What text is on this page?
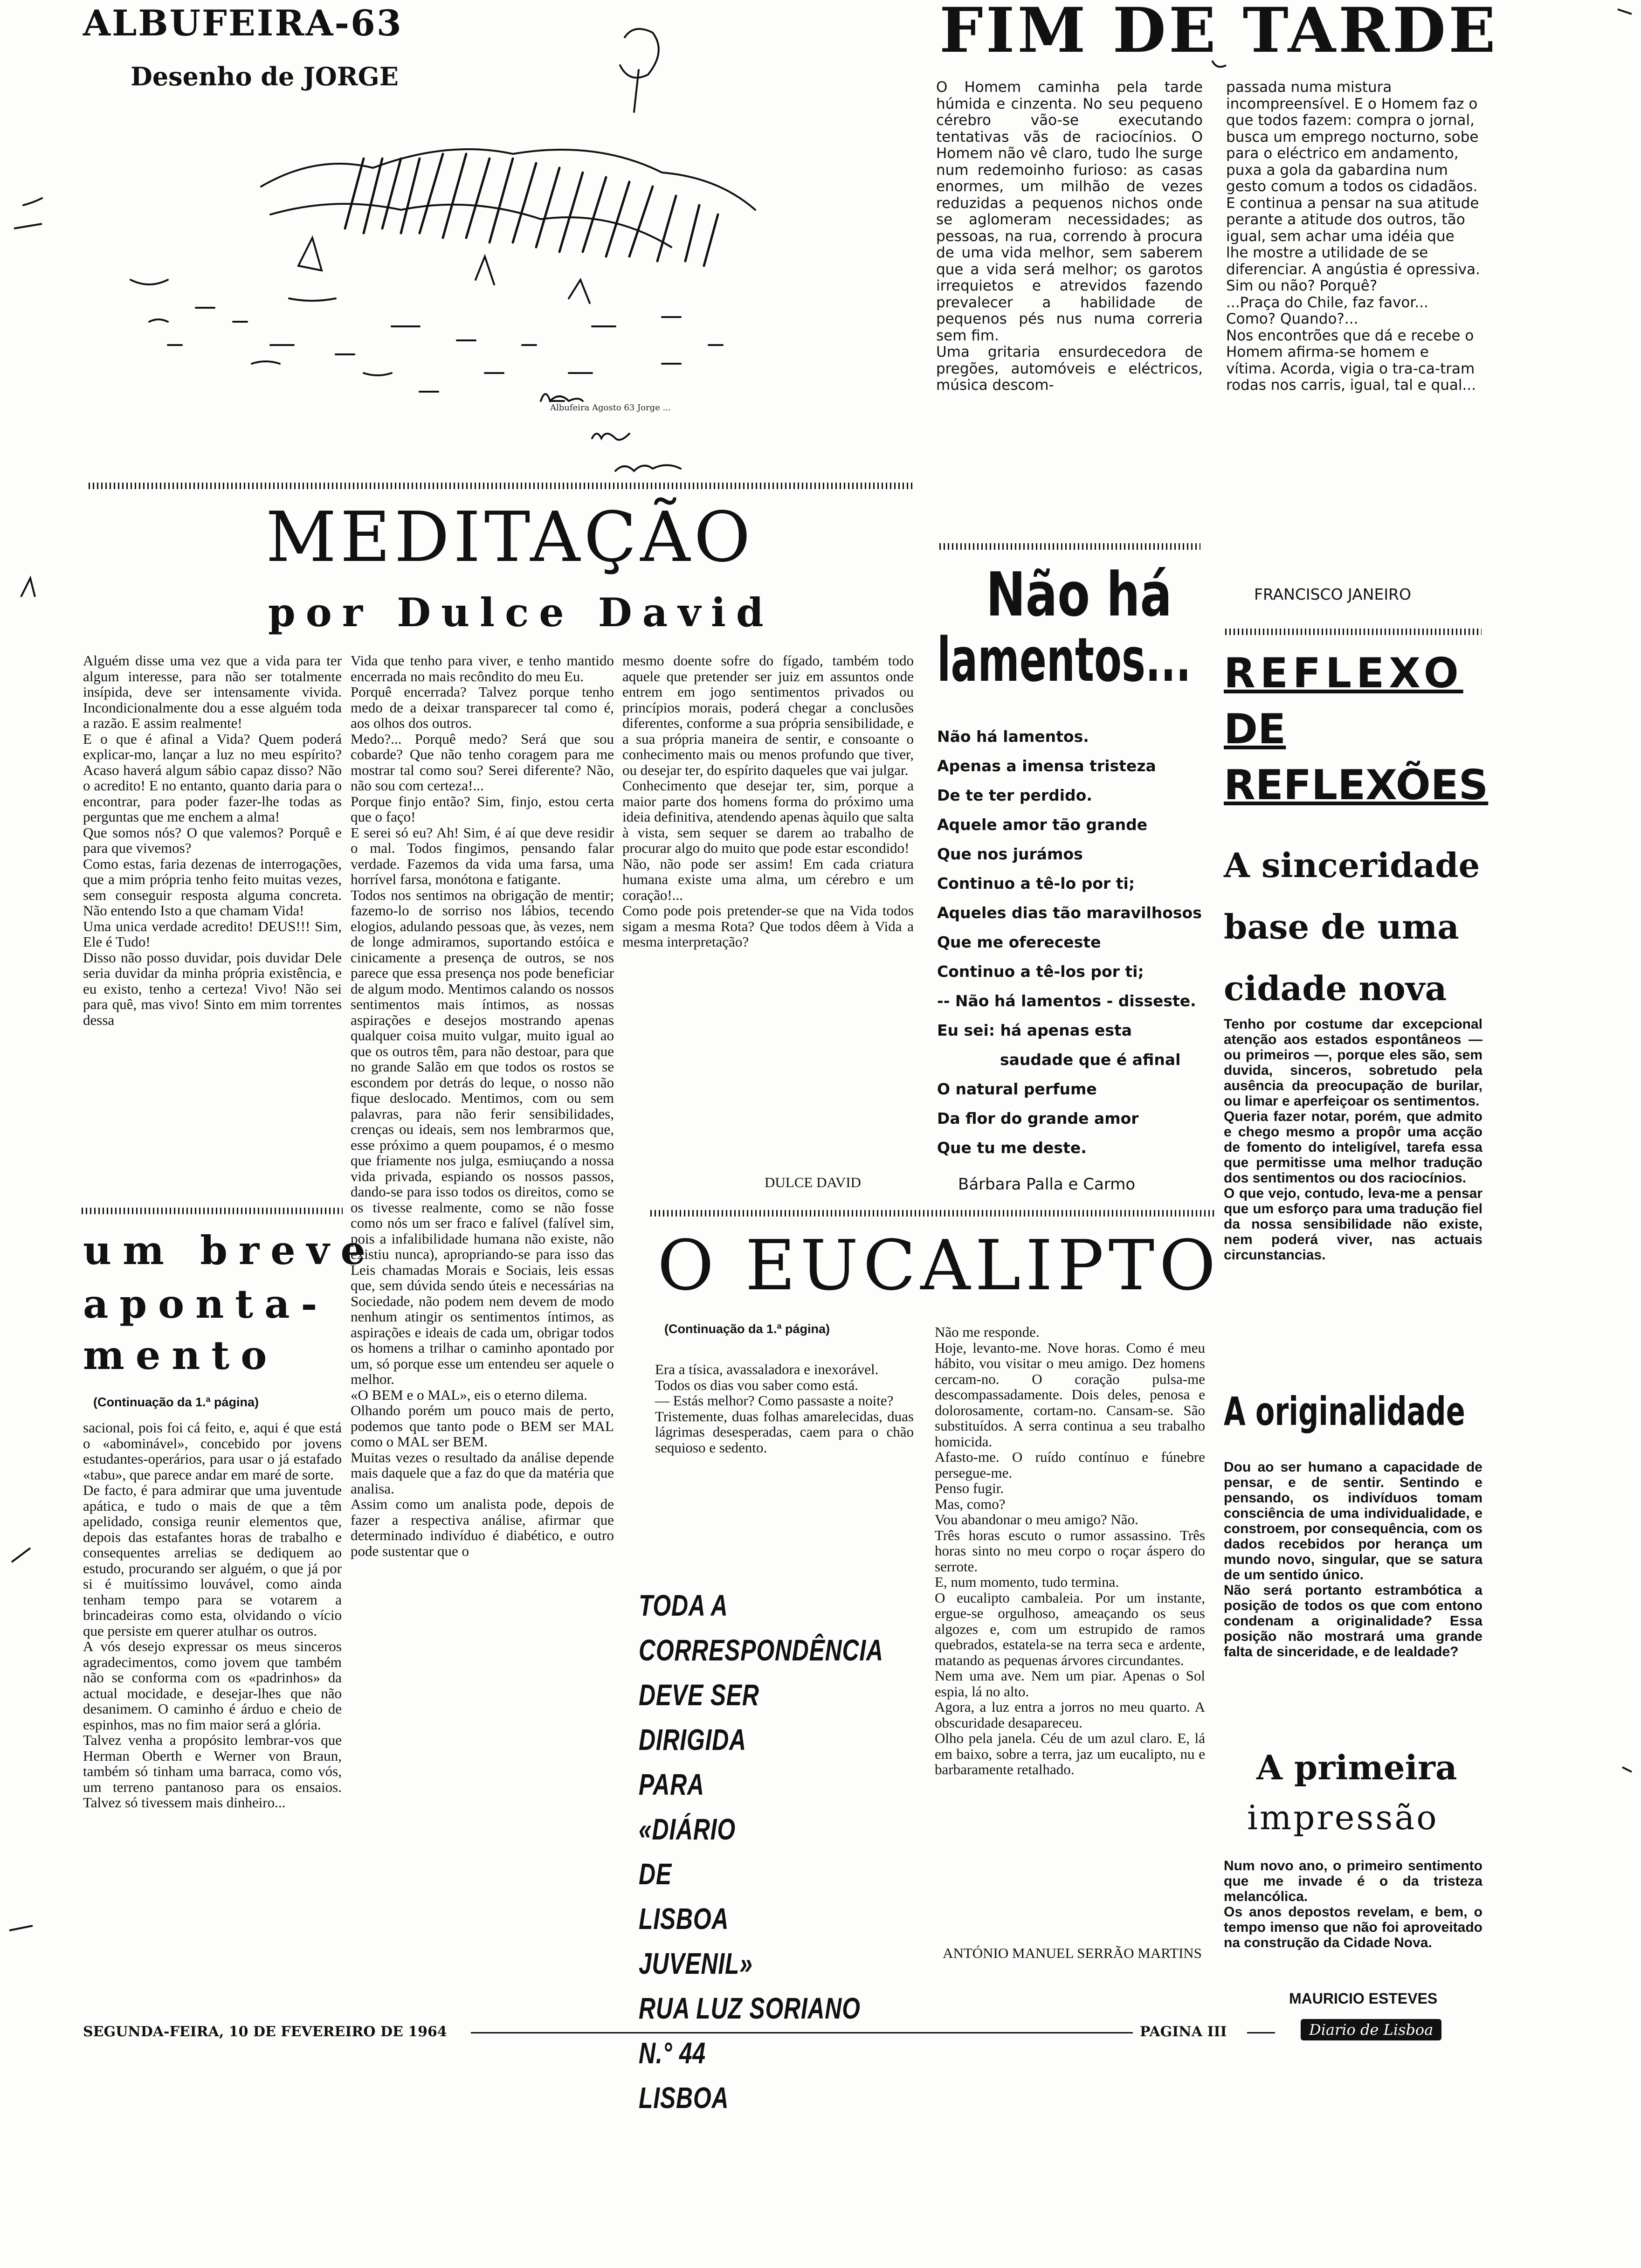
ALBUFEIRA-63
Desenho de JORGE
Albufeira Agosto 63 Jorge ...
MEDITAÇÃO
por Dulce David

Alguém disse uma vez que a vida para ter algum interesse, para não ser totalmente insípida, deve ser intensamente vivida. Incondicionalmente dou a esse alguém toda a razão. E assim realmente!
E o que é afinal a Vida? Quem poderá explicar-mo, lançar a luz no meu espírito? Acaso haverá algum sábio capaz disso? Não o acredito! E no entanto, quanto daria para o encontrar, para poder fazer-lhe todas as perguntas que me enchem a alma!
Que somos nós? O que valemos? Porquê e para que vivemos?
Como estas, faria dezenas de interrogações, que a mim própria tenho feito muitas vezes, sem conseguir resposta alguma concreta. Não entendo Isto a que chamam Vida!
Uma unica verdade acredito! DEUS!!! Sim, Ele é Tudo!
Disso não posso duvidar, pois duvidar Dele seria duvidar da minha própria existência, e eu existo, tenho a certeza! Vivo! Não sei para quê, mas vivo! Sinto em mim torrentes dessa

Vida que tenho para viver, e tenho mantido encerrada no mais recôndito do meu Eu.
Porquê encerrada? Talvez porque tenho medo de a deixar transparecer tal como é, aos olhos dos outros.
Medo?... Porquê medo? Será que sou cobarde? Que não tenho coragem para me mostrar tal como sou? Serei diferente? Não, não sou com certeza!...
Porque finjo então? Sim, finjo, estou certa que o faço!
E serei só eu? Ah! Sim, é aí que deve residir o mal. Todos fingimos, pensando falar verdade. Fazemos da vida uma farsa, uma horrível farsa, monótona e fatigante.
Todos nos sentimos na obrigação de mentir; fazemo-lo de sorriso nos lábios, tecendo elogios, adulando pessoas que, às vezes, nem de longe admiramos, suportando estóica e cinicamente a presença de outros, se nos parece que essa presença nos pode beneficiar de algum modo. Mentimos calando os nossos sentimentos mais íntimos, as nossas aspirações e desejos mostrando apenas qualquer coisa muito vulgar, muito igual ao que os outros têm, para não destoar, para que no grande Salão em que todos os rostos se escondem por detrás do leque, o nosso não fique deslocado. Mentimos, com ou sem palavras, para não ferir sensibilidades, crenças ou ideais, sem nos lembrarmos que, esse próximo a quem poupamos, é o mesmo que friamente nos julga, esmiuçando a nossa vida privada, espiando os nossos passos, dando-se para isso todos os direitos, como se os tivesse realmente, como se não fosse como nós um ser fraco e falível (falível sim, pois a infalibilidade humana não existe, não existiu nunca), apropriando-se para isso das Leis chamadas Morais e Sociais, leis essas que, sem dúvida sendo úteis e necessárias na Sociedade, não podem nem devem de modo nenhum atingir os sentimentos íntimos, as aspirações e ideais de cada um, obrigar todos os homens a trilhar o caminho apontado por um, só porque esse um entendeu ser aquele o melhor.
«O BEM e o MAL», eis o eterno dilema.
Olhando porém um pouco mais de perto, podemos que tanto pode o BEM ser MAL como o MAL ser BEM.
Muitas vezes o resultado da análise depende mais daquele que a faz do que da matéria que analisa.
Assim como um analista pode, depois de fazer a respectiva análise, afirmar que determinado indivíduo é diabético, e outro pode sustentar que o

mesmo doente sofre do fígado, também todo aquele que pretender ser juiz em assuntos onde entrem em jogo sentimentos privados ou princípios morais, poderá chegar a conclusões diferentes, conforme a sua própria sensibilidade, e a sua própria maneira de sentir, e consoante o conhecimento mais ou menos profundo que tiver, ou desejar ter, do espírito daqueles que vai julgar.
Conhecimento que desejar ter, sim, porque a maior parte dos homens forma do próximo uma ideia definitiva, atendendo apenas àquilo que salta à vista, sem sequer se darem ao trabalho de procurar algo do muito que pode estar escondido!
Não, não pode ser assim! Em cada criatura humana existe uma alma, um cérebro e um coração!...
Como pode pois pretender-se que na Vida todos sigam a mesma Rota? Que todos dêem à Vida a mesma interpretação?

DULCE DAVID
FIM DE TARDE

O Homem caminha pela tarde húmida e cinzenta. No seu pequeno cérebro vão-se executando tentativas vãs de raciocínios. O Homem não vê claro, tudo lhe surge num redemoinho furioso: as casas enormes, um milhão de vezes reduzidas a pequenos nichos onde se aglomeram necessidades; as pessoas, na rua, correndo à procura de uma vida melhor, sem saberem que a vida será melhor; os garotos irrequietos e atrevidos fazendo prevalecer a habilidade de pequenos pés nus numa correria sem fim.
Uma gritaria ensurdecedora de pregões, automóveis e eléctricos, música descom-

passada numa mistura incompreensível. E o Homem faz o que todos fazem: compra o jornal, busca um emprego nocturno, sobe para o eléctrico em andamento, puxa a gola da gabardina num gesto comum a todos os cidadãos. E continua a pensar na sua atitude perante a atitude dos outros, tão igual, sem achar uma idéia que lhe mostre a utilidade de se diferenciar. A angústia é opressiva. Sim ou não? Porquê?
...Praça do Chile, faz favor...
Como? Quando?...
Nos encontrões que dá e recebe o Homem afirma-se homem e vítima. Acorda, vigia o tra-ca-tram rodas nos carris, igual, tal e qual...

FRANCISCO JANEIRO
Não há
lamentos...
Não há lamentos.
Apenas a imensa tristeza
De te ter perdido.
Aquele amor tão grande
Que nos jurámos
Continuo a tê-lo por ti;
Aqueles dias tão maravilhosos
Que me ofereceste
Continuo a tê-los por ti;
-- Não há lamentos - disseste.
Eu sei: há apenas esta
saudade que é afinal
O natural perfume
Da flor do grande amor
Que tu me deste.
Bárbara Palla e Carmo
REFLEXO
DE
REFLEXÕES
A sinceridade base de uma cidade nova

Tenho por costume dar excepcional atenção aos estados espontâneos — ou primeiros —, porque eles são, sem duvida, sinceros, sobretudo pela ausência da preocupação de burilar, ou limar e aperfeiçoar os sentimentos.
Queria fazer notar, porém, que admito e chego mesmo a propôr uma acção de fomento do inteligível, tarefa essa que permitisse uma melhor tradução dos sentimentos ou dos raciocínios.
O que vejo, contudo, leva-me a pensar que um esforço para uma tradução fiel da nossa sensibilidade não existe, nem poderá viver, nas actuais circunstancias.

A originalidade

Dou ao ser humano a capacidade de pensar, e de sentir. Sentindo e pensando, os indivíduos tomam consciência de uma individualidade, e constroem, por consequência, com os dados recebidos por herança um mundo novo, singular, que se satura de um sentido único.
Não será portanto estrambótica a posição de todos os que com entono condenam a originalidade? Essa posição não mostrará uma grande falta de sinceridade, e de lealdade?

A primeira
impressão

Num novo ano, o primeiro sentimento que me invade é o da tristeza melancólica.
Os anos depostos revelam, e bem, o tempo imenso que não foi aproveitado na construção da Cidade Nova.

MAURICIO ESTEVES
um breve
aponta-
mento
(Continuação da 1.ª página)

sacional, pois foi cá feito, e, aqui é que está o «abominável», concebido por jovens estudantes-operários, para usar o já estafado «tabu», que parece andar em maré de sorte.
De facto, é para admirar que uma juventude apática, e tudo o mais de que a têm apelidado, consiga reunir elementos que, depois das estafantes horas de trabalho e consequentes arrelias se dediquem ao estudo, procurando ser alguém, o que já por si é muitíssimo louvável, como ainda tenham tempo para se votarem a brincadeiras como esta, olvidando o vício que persiste em querer atulhar os outros.
A vós desejo expressar os meus sinceros agradecimentos, como jovem que também não se conforma com os «padrinhos» da actual mocidade, e desejar-lhes que não desanimem. O caminho é árduo e cheio de espinhos, mas no fim maior será a glória.
Talvez venha a propósito lembrar-vos que Herman Oberth e Werner von Braun, também só tinham uma barraca, como vós, um terreno pantanoso para os ensaios. Talvez só tivessem mais dinheiro...

O EUCALIPTO
(Continuação da 1.ª página)

Era a tísica, avassaladora e inexorável.
Todos os dias vou saber como está.
— Estás melhor? Como passaste a noite?
Tristemente, duas folhas amarelecidas, duas lágrimas desesperadas, caem para o chão sequioso e sedento.

Não me responde.
Hoje, levanto-me. Nove horas. Como é meu hábito, vou visitar o meu amigo. Dez homens cercam-no. O coração pulsa-me descompassadamente. Dois deles, penosa e dolorosamente, cortam-no. Cansam-se. São substituídos. A serra continua a seu trabalho homicida.
Afasto-me. O ruído contínuo e fúnebre persegue-me.
Penso fugir.
Mas, como?
Vou abandonar o meu amigo? Não.
Três horas escuto o rumor assassino. Três horas sinto no meu corpo o roçar áspero do serrote.
E, num momento, tudo termina.
O eucalipto cambaleia. Por um instante, ergue-se orgulhoso, ameaçando os seus algozes e, com um estrupido de ramos quebrados, estatela-se na terra seca e ardente, matando as pequenas árvores circundantes.
Nem uma ave. Nem um piar. Apenas o Sol espia, lá no alto.
Agora, a luz entra a jorros no meu quarto. A obscuridade desapareceu.
Olho pela janela. Céu de um azul claro. E, lá em baixo, sobre a terra, jaz um eucalipto, nu e barbaramente retalhado.

ANTÓNIO MANUEL SERRÃO MARTINS
TODA A
CORRESPONDÊNCIA
DEVE SER
DIRIGIDA
PARA
«DIÁRIO
DE
LISBOA
JUVENIL»
RUA LUZ SORIANO
N.° 44
LISBOA
SEGUNDA-FEIRA, 10 DE FEVEREIRO DE 1964	PAGINA III	Diario de Lisboa
